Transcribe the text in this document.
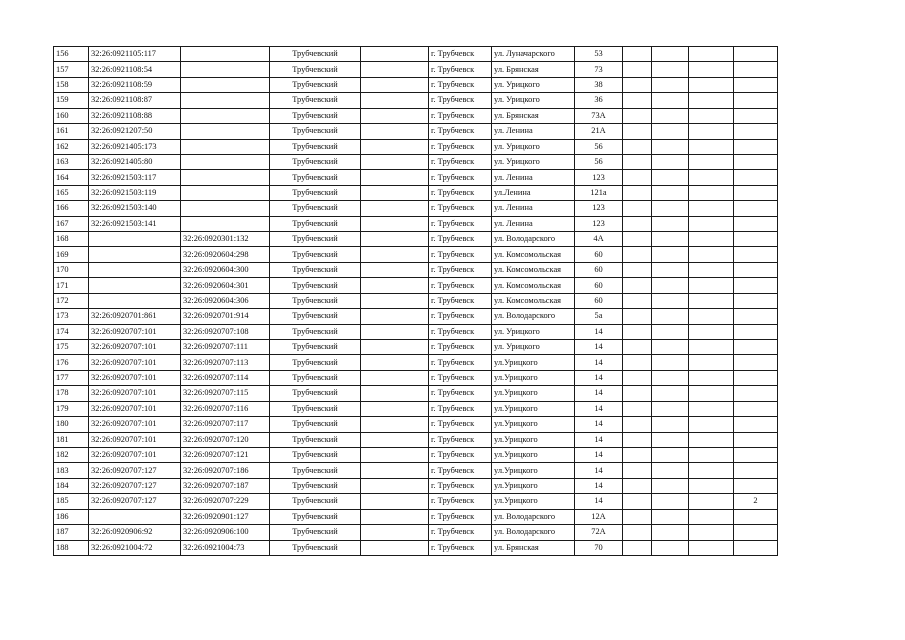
156	32:26:0921105:117		Трубчевский		г. Трубчевск	ул. Луначарского	53				
157	32:26:0921108:54		Трубчевский		г. Трубчевск	ул. Брянская	73				
158	32:26:0921108:59		Трубчевский		г. Трубчевск	ул. Урицкого	38				
159	32:26:0921108:87		Трубчевский		г. Трубчевск	ул. Урицкого	36				
160	32:26:0921108:88		Трубчевский		г. Трубчевск	ул. Брянская	73А				
161	32:26:0921207:50		Трубчевский		г. Трубчевск	ул. Ленина	21А				
162	32:26:0921405:173		Трубчевский		г. Трубчевск	ул. Урицкого	56				
163	32:26:0921405:80		Трубчевский		г. Трубчевск	ул. Урицкого	56				
164	32:26:0921503:117		Трубчевский		г. Трубчевск	ул. Ленина	123				
165	32:26:0921503:119		Трубчевский		г. Трубчевск	ул.Ленина	121а				
166	32:26:0921503:140		Трубчевский		г. Трубчевск	ул. Ленина	123				
167	32:26:0921503:141		Трубчевский		г. Трубчевск	ул. Ленина	123				
168		32:26:0920301:132	Трубчевский		г. Трубчевск	ул. Володарского	4А				
169		32:26:0920604:298	Трубчевский		г. Трубчевск	ул. Комсомольская	60				
170		32:26:0920604:300	Трубчевский		г. Трубчевск	ул. Комсомольская	60				
171		32:26:0920604:301	Трубчевский		г. Трубчевск	ул. Комсомольская	60				
172		32:26:0920604:306	Трубчевский		г. Трубчевск	ул. Комсомольская	60				
173	32:26:0920701:861	32:26:0920701:914	Трубчевский		г. Трубчевск	ул. Володарского	5а				
174	32:26:0920707:101	32:26:0920707:108	Трубчевский		г. Трубчевск	ул. Урицкого	14				
175	32:26:0920707:101	32:26:0920707:111	Трубчевский		г. Трубчевск	ул. Урицкого	14				
176	32:26:0920707:101	32:26:0920707:113	Трубчевский		г. Трубчевск	ул.Урицкого	14				
177	32:26:0920707:101	32:26:0920707:114	Трубчевский		г. Трубчевск	ул.Урицкого	14				
178	32:26:0920707:101	32:26:0920707:115	Трубчевский		г. Трубчевск	ул.Урицкого	14				
179	32:26:0920707:101	32:26:0920707:116	Трубчевский		г. Трубчевск	ул.Урицкого	14				
180	32:26:0920707:101	32:26:0920707:117	Трубчевский		г. Трубчевск	ул.Урицкого	14				
181	32:26:0920707:101	32:26:0920707:120	Трубчевский		г. Трубчевск	ул.Урицкого	14				
182	32:26:0920707:101	32:26:0920707:121	Трубчевский		г. Трубчевск	ул.Урицкого	14				
183	32:26:0920707:127	32:26:0920707:186	Трубчевский		г. Трубчевск	ул.Урицкого	14				
184	32:26:0920707:127	32:26:0920707:187	Трубчевский		г. Трубчевск	ул.Урицкого	14				
185	32:26:0920707:127	32:26:0920707:229	Трубчевский		г. Трубчевск	ул.Урицкого	14				2
186		32:26:0920901:127	Трубчевский		г. Трубчевск	ул. Володарского	12А				
187	32:26:0920906:92	32:26:0920906:100	Трубчевский		г. Трубчевск	ул. Володарского	72А				
188	32:26:0921004:72	32:26:0921004:73	Трубчевский		г. Трубчевск	ул. Брянская	70				
